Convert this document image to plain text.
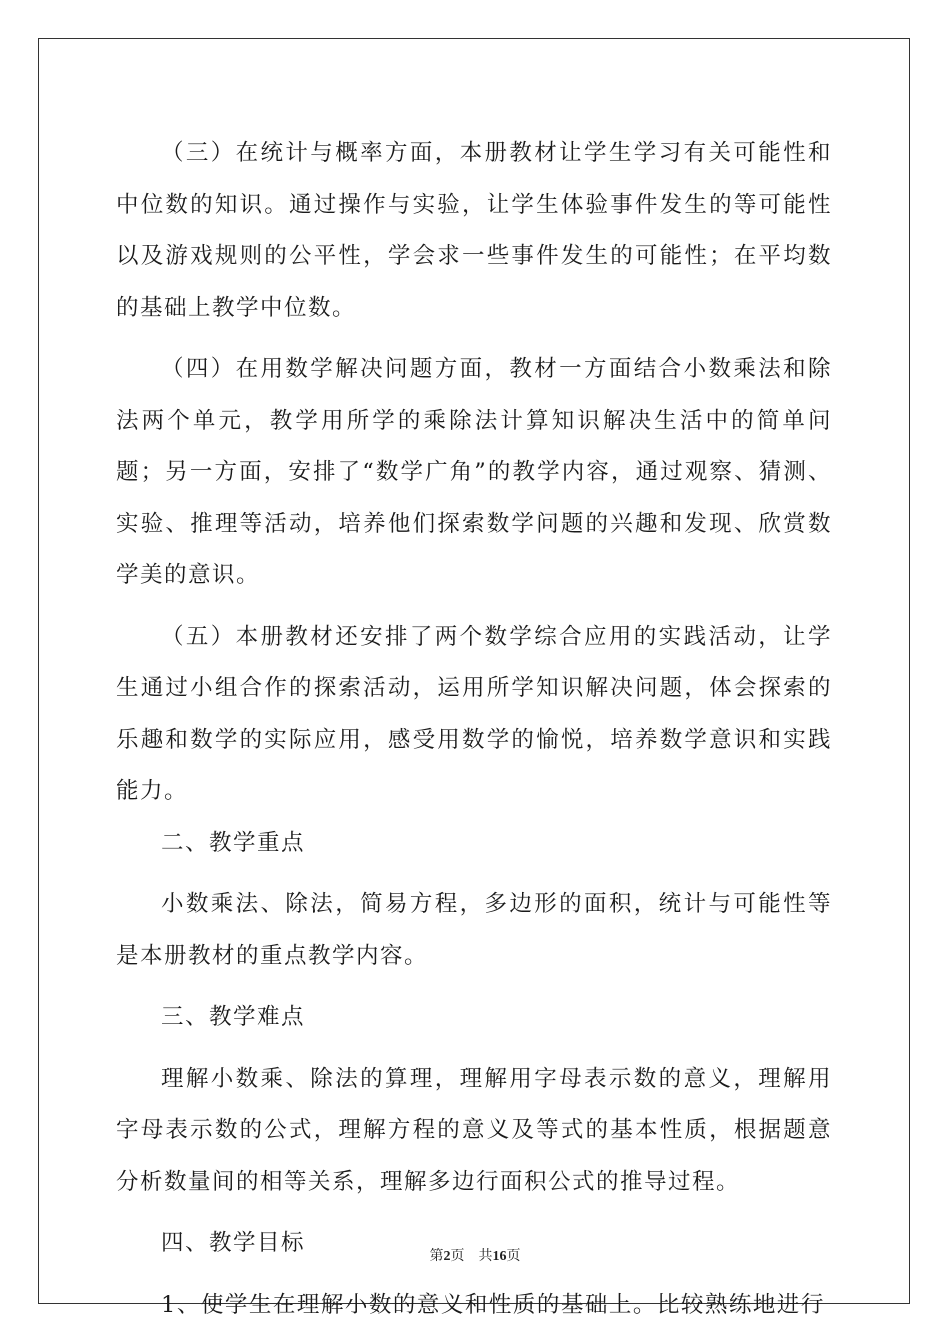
（三）在统计与概率方面，本册教材让学生学习有关可能性和中位数的知识。通过操作与实验，让学生体验事件发生的等可能性以及游戏规则的公平性，学会求一些事件发生的可能性；在平均数的基础上教学中位数。

（四）在用数学解决问题方面，教材一方面结合小数乘法和除法两个单元，教学用所学的乘除法计算知识解决生活中的简单问题；另一方面，安排了“数学广角”的教学内容，通过观察、猜测、实验、推理等活动，培养他们探索数学问题的兴趣和发现、欣赏数学美的意识。

（五）本册教材还安排了两个数学综合应用的实践活动，让学生通过小组合作的探索活动，运用所学知识解决问题，体会探索的乐趣和数学的实际应用，感受用数学的愉悦，培养数学意识和实践能力。

二、教学重点

小数乘法、除法，简易方程，多边形的面积，统计与可能性等是本册教材的重点教学内容。

三、教学难点

理解小数乘、除法的算理，理解用字母表示数的意义，理解用字母表示数的公式，理解方程的意义及等式的基本性质，根据题意分析数量间的相等关系，理解多边行面积公式的推导过程。

四、教学目标

1、使学生在理解小数的意义和性质的基础上。比较熟练地进行

第2页 共16页
